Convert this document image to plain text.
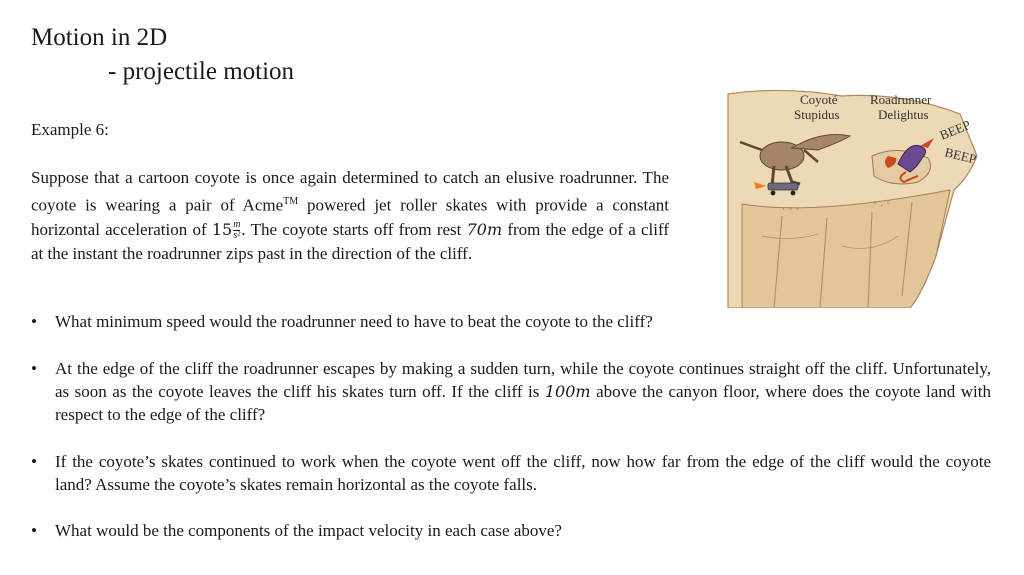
Motion in 2D
- projectile motion
Example 6:
Suppose that a cartoon coyote is once again determined to catch an elusive roadrunner. The coyote is wearing a pair of Acme™ powered jet roller skates with provide a constant horizontal acceleration of $15 \frac{m}{\text{s²}}$ . The coyote starts off from rest 70m from the edge of a cliff at the instant the roadrunner zips past in the direction of the cliff.
· ◦ ·
◦ . ◦
Coyoté
Stupidus
Roadrunner
Delightus
BEEP
BEEP
• What minimum speed would the roadrunner need to have to beat the coyote to the cliff?
• At the edge of the cliff the roadrunner escapes by making a sudden turn, while the coyote continues straight off the cliff. Unfortunately, as soon as the coyote leaves the cliff his skates turn off. If the cliff is 100m above the canyon floor, where does the coyote land with respect to the edge of the cliff?
• If the coyote’s skates continued to work when the coyote went off the cliff, now how far from the edge of the cliff would the coyote land? Assume the coyote’s skates remain horizontal as the coyote falls.
• What would be the components of the impact velocity in each case above?
